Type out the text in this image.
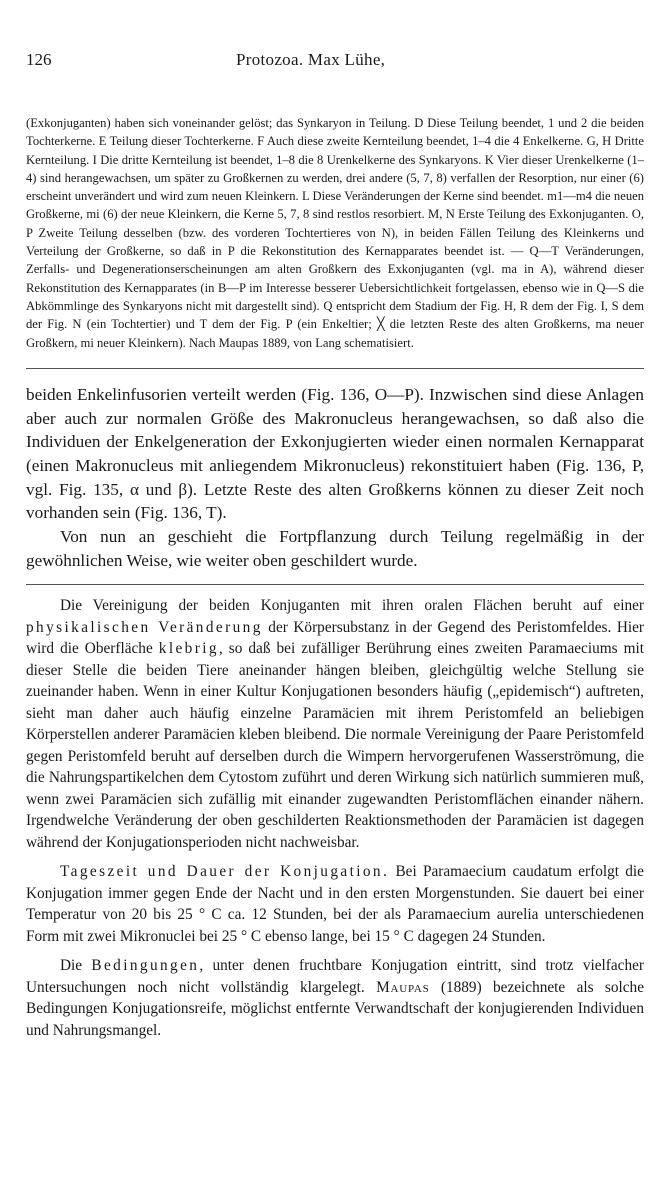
126	Protozoa. Max Lühe,
(Exkonjuganten) haben sich voneinander gelöst; das Synkaryon in Teilung. D Diese Teilung beendet, 1 und 2 die beiden Tochterkerne. E Teilung dieser Tochterkerne. F Auch diese zweite Kernteilung beendet, 1–4 die 4 Enkelkerne. G, H Dritte Kernteilung. I Die dritte Kernteilung ist beendet, 1–8 die 8 Urenkelkerne des Synkaryons. K Vier dieser Urenkelkerne (1–4) sind herangewachsen, um später zu Großkernen zu werden, drei andere (5, 7, 8) verfallen der Resorption, nur einer (6) erscheint unverändert und wird zum neuen Kleinkern. L Diese Veränderungen der Kerne sind beendet. m1—m4 die neuen Großkerne, mi (6) der neue Kleinkern, die Kerne 5, 7, 8 sind restlos resorbiert. M, N Erste Teilung des Exkonjuganten. O, P Zweite Teilung desselben (bzw. des vorderen Tochtertieres von N), in beiden Fällen Teilung des Kleinkerns und Verteilung der Großkerne, so daß in P die Rekonstitution des Kernapparates beendet ist. — Q—T Veränderungen, Zerfalls- und Degenerationserscheinungen am alten Großkern des Exkonjuganten (vgl. ma in A), während dieser Rekonstitution des Kernapparates (in B—P im Interesse besserer Uebersichtlichkeit fortgelassen, ebenso wie in Q—S die Abkömmlinge des Synkaryons nicht mit dargestellt sind). Q entspricht dem Stadium der Fig. H, R dem der Fig. I, S dem der Fig. N (ein Tochtertier) und T dem der Fig. P (ein Enkeltier; ╳ die letzten Reste des alten Großkerns, ma neuer Großkern, mi neuer Kleinkern). Nach Maupas 1889, von Lang schematisiert.

beiden Enkelinfusorien verteilt werden (Fig. 136, O—P). Inzwischen sind diese Anlagen aber auch zur normalen Größe des Makronucleus herangewachsen, so daß also die Individuen der Enkelgeneration der Exkonjugierten wieder einen normalen Kernapparat (einen Makronucleus mit anliegendem Mikronucleus) rekonstituiert haben (Fig. 136, P, vgl. Fig. 135, α und β). Letzte Reste des alten Großkerns können zu dieser Zeit noch vorhanden sein (Fig. 136, T).

Von nun an geschieht die Fortpflanzung durch Teilung regelmäßig in der gewöhnlichen Weise, wie weiter oben geschildert wurde.

Die Vereinigung der beiden Konjuganten mit ihren oralen Flächen beruht auf einer physikalischen Veränderung der Körpersubstanz in der Gegend des Peristomfeldes. Hier wird die Oberfläche klebrig, so daß bei zufälliger Berührung eines zweiten Paramaeciums mit dieser Stelle die beiden Tiere aneinander hängen bleiben, gleichgültig welche Stellung sie zueinander haben. Wenn in einer Kultur Konjugationen besonders häufig („epidemisch“) auftreten, sieht man daher auch häufig einzelne Paramäcien mit ihrem Peristomfeld an beliebigen Körperstellen anderer Paramäcien kleben bleibend. Die normale Vereinigung der Paare Peristomfeld gegen Peristomfeld beruht auf derselben durch die Wimpern hervorgerufenen Wasserströmung, die die Nahrungspartikelchen dem Cytostom zuführt und deren Wirkung sich natürlich summieren muß, wenn zwei Paramäcien sich zufällig mit einander zugewandten Peristomflächen einander nähern. Irgendwelche Veränderung der oben geschilderten Reaktionsmethoden der Paramäcien ist dagegen während der Konjugationsperioden nicht nachweisbar.

Tageszeit und Dauer der Konjugation. Bei Paramaecium caudatum erfolgt die Konjugation immer gegen Ende der Nacht und in den ersten Morgenstunden. Sie dauert bei einer Temperatur von 20 bis 25 ° C ca. 12 Stunden, bei der als Paramaecium aurelia unterschiedenen Form mit zwei Mikronuclei bei 25 ° C ebenso lange, bei 15 ° C dagegen 24 Stunden.

Die Bedingungen, unter denen fruchtbare Konjugation eintritt, sind trotz vielfacher Untersuchungen noch nicht vollständig klargelegt. Maupas (1889) bezeichnete als solche Bedingungen Konjugationsreife, möglichst entfernte Verwandtschaft der konjugierenden Individuen und Nahrungsmangel.
